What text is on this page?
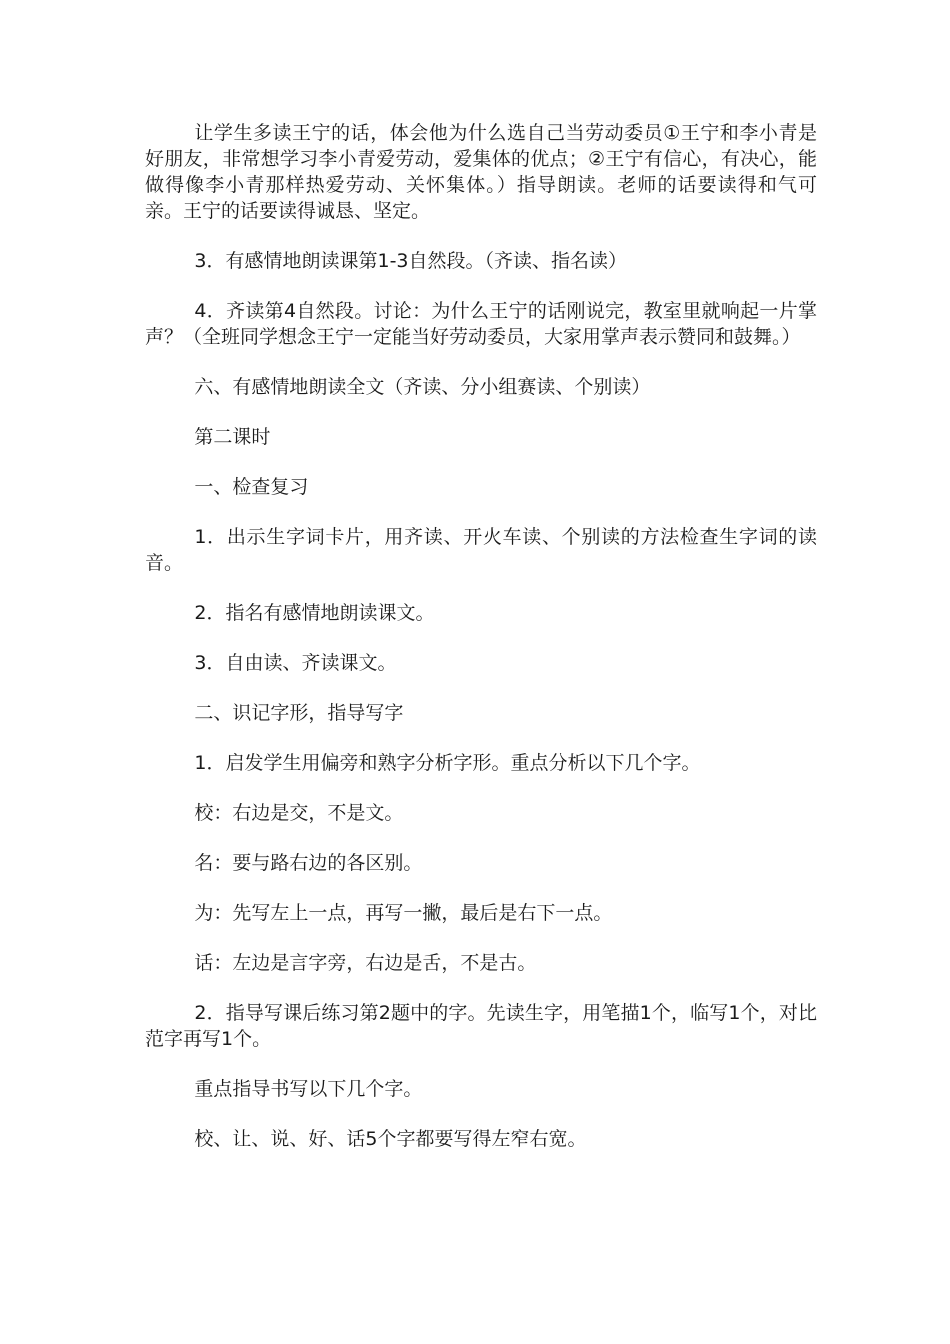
让学生多读王宁的话，体会他为什么选自己当劳动委员①王宁和李小青是好朋友，非常想学习李小青爱劳动，爱集体的优点；②王宁有信心，有决心，能做得像李小青那样热爱劳动、关怀集体。）指导朗读。老师的话要读得和气可亲。王宁的话要读得诚恳、坚定。

3．有感情地朗读课第1-3自然段。（齐读、指名读）

4．齐读第4自然段。讨论：为什么王宁的话刚说完，教室里就响起一片掌声？（全班同学想念王宁一定能当好劳动委员，大家用掌声表示赞同和鼓舞。）

六、有感情地朗读全文（齐读、分小组赛读、个别读）

第二课时

一、检查复习

1．出示生字词卡片，用齐读、开火车读、个别读的方法检查生字词的读音。

2．指名有感情地朗读课文。

3．自由读、齐读课文。

二、识记字形，指导写字

1．启发学生用偏旁和熟字分析字形。重点分析以下几个字。

校：右边是交，不是文。

名：要与路右边的各区别。

为：先写左上一点，再写一撇，最后是右下一点。

话：左边是言字旁，右边是舌，不是古。

2．指导写课后练习第2题中的字。先读生字，用笔描1个，临写1个，对比范字再写1个。

重点指导书写以下几个字。

校、让、说、好、话5个字都要写得左窄右宽。
